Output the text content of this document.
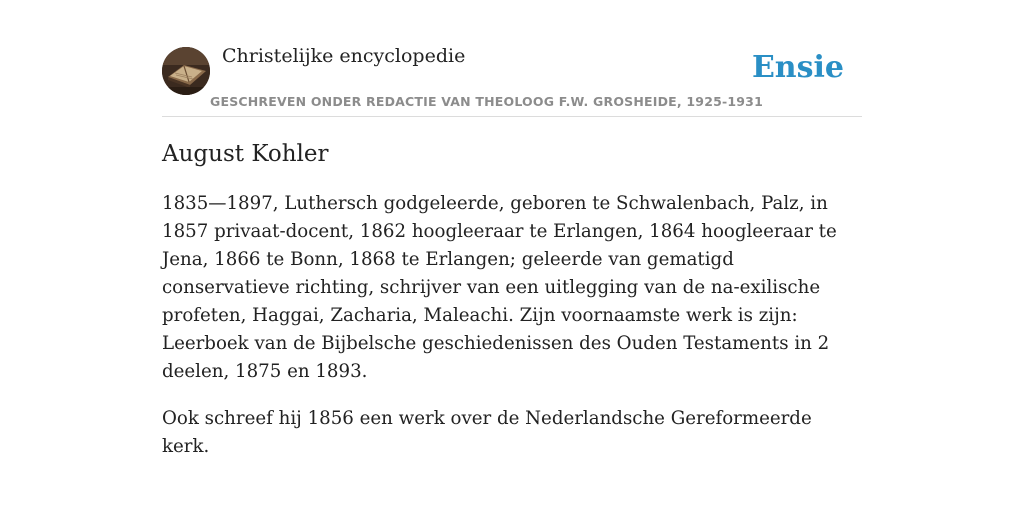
Christelijke encyclopedie
GESCHREVEN ONDER REDACTIE VAN THEOLOOG F.W. GROSHEIDE, 1925-1931
Ensie
August Kohler

1835—1897, Luthersch godgeleerde, geboren te Schwalenbach, Palz, in 1857 privaat-docent, 1862 hoogleeraar te Erlangen, 1864 hoogleeraar te Jena, 1866 te Bonn, 1868 te Erlangen; geleerde van gematigd conservatieve richting, schrijver van een uitlegging van de na-exilische profeten, Haggai, Zacharia, Maleachi. Zijn voornaamste werk is zijn: Leerboek van de Bijbelsche geschiedenissen des Ouden Testaments in 2 deelen, 1875 en 1893.

Ook schreef hij 1856 een werk over de Nederlandsche Gereformeerde kerk.
